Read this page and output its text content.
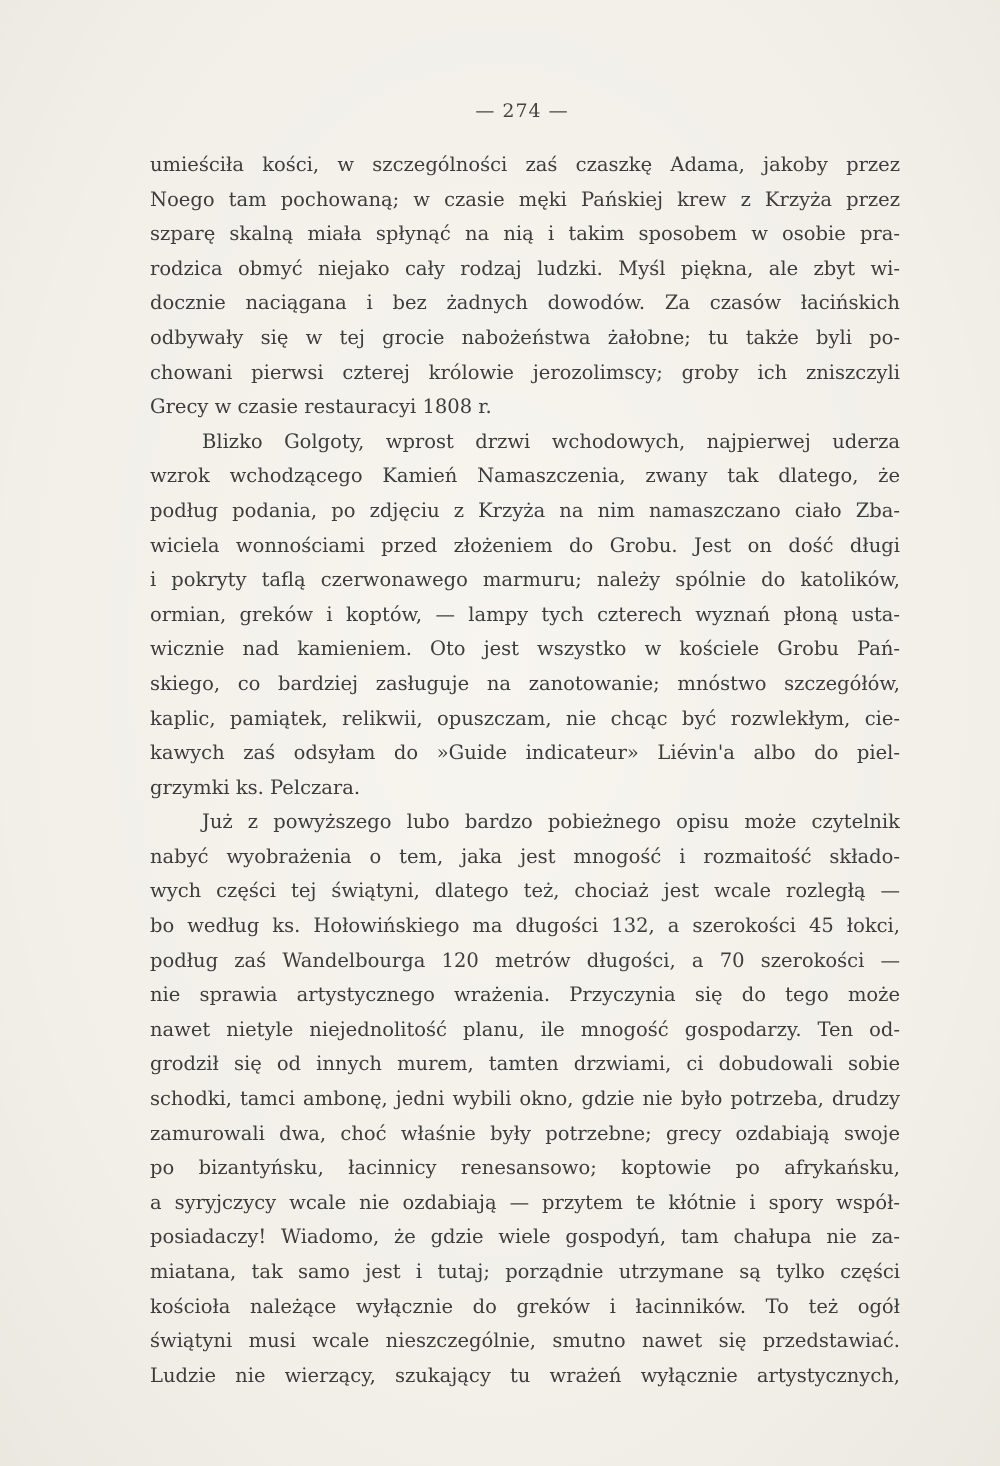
— 274 —
umieściła kości, w szczególności zaś czaszkę Adama, jakoby przez
Noego tam pochowaną; w czasie męki Pańskiej krew z Krzyża przez
szparę skalną miała spłynąć na nią i takim sposobem w osobie pra-
rodzica obmyć niejako cały rodzaj ludzki. Myśl piękna, ale zbyt wi-
docznie naciągana i bez żadnych dowodów. Za czasów łacińskich
odbywały się w tej grocie nabożeństwa żałobne; tu także byli po-
chowani pierwsi czterej królowie jerozolimscy; groby ich zniszczyli
Grecy w czasie restauracyi 1808 r.
Blizko Golgoty, wprost drzwi wchodowych, najpierwej uderza
wzrok wchodzącego Kamień Namaszczenia, zwany tak dlatego, że
podług podania, po zdjęciu z Krzyża na nim namaszczano ciało Zba-
wiciela wonnościami przed złożeniem do Grobu. Jest on dość długi
i pokryty taflą czerwonawego marmuru; należy spólnie do katolików,
ormian, greków i koptów, — lampy tych czterech wyznań płoną usta-
wicznie nad kamieniem. Oto jest wszystko w kościele Grobu Pań-
skiego, co bardziej zasługuje na zanotowanie; mnóstwo szczegółów,
kaplic, pamiątek, relikwii, opuszczam, nie chcąc być rozwlekłym, cie-
kawych zaś odsyłam do »Guide indicateur» Liévin'a albo do piel-
grzymki ks. Pelczara.
Już z powyższego lubo bardzo pobieżnego opisu może czytelnik
nabyć wyobrażenia o tem, jaka jest mnogość i rozmaitość składo-
wych części tej świątyni, dlatego też, chociaż jest wcale rozległą —
bo według ks. Hołowińskiego ma długości 132, a szerokości 45 łokci,
podług zaś Wandelbourga 120 metrów długości, a 70 szerokości —
nie sprawia artystycznego wrażenia. Przyczynia się do tego może
nawet nietyle niejednolitość planu, ile mnogość gospodarzy. Ten od-
grodził się od innych murem, tamten drzwiami, ci dobudowali sobie
schodki, tamci ambonę, jedni wybili okno, gdzie nie było potrzeba, drudzy
zamurowali dwa, choć właśnie były potrzebne; grecy ozdabiają swoje
po bizantyńsku, łacinnicy renesansowo; koptowie po afrykańsku,
a syryjczycy wcale nie ozdabiają — przytem te kłótnie i spory współ-
posiadaczy! Wiadomo, że gdzie wiele gospodyń, tam chałupa nie za-
miatana, tak samo jest i tutaj; porządnie utrzymane są tylko części
kościoła należące wyłącznie do greków i łacinników. To też ogół
świątyni musi wcale nieszczególnie, smutno nawet się przedstawiać.
Ludzie nie wierzący, szukający tu wrażeń wyłącznie artystycznych,
